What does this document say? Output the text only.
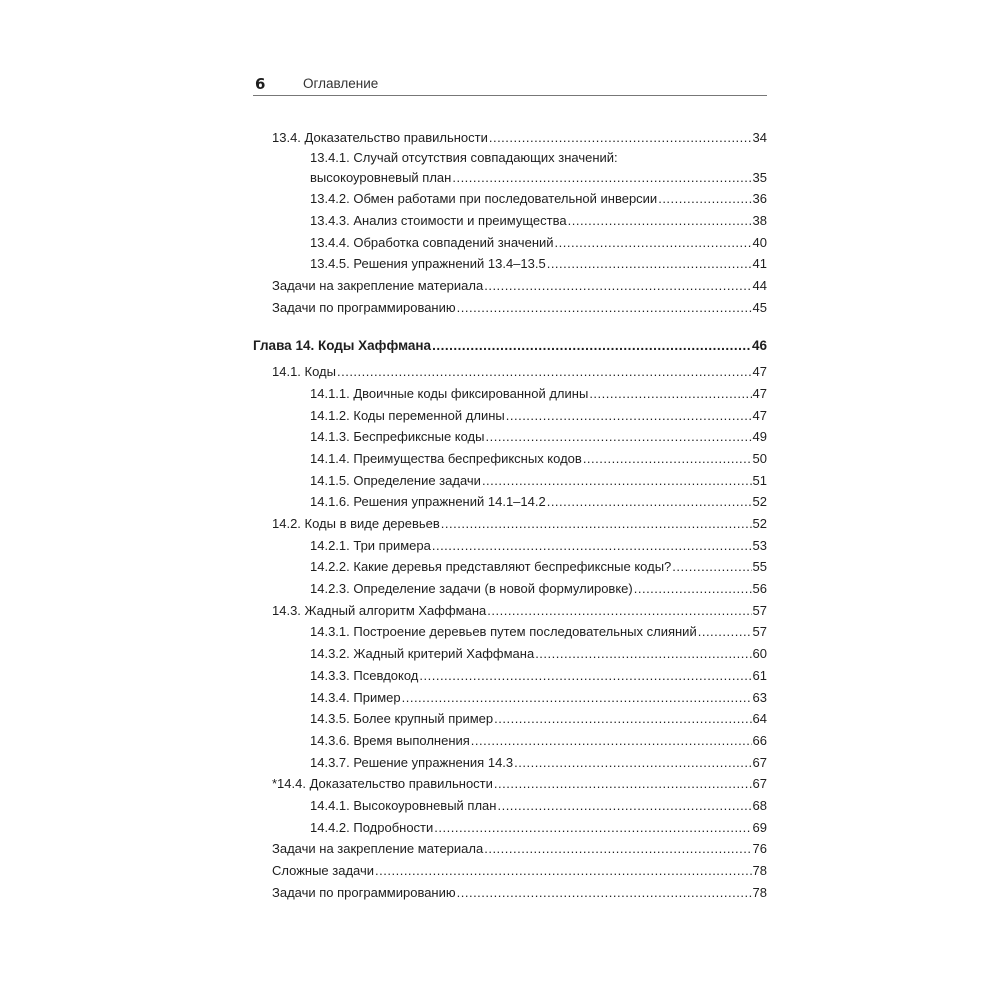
6	Оглавление
13.4. Доказательство правильности .....	34
13.4.1. Случай отсутствия совпадающих значений:
высокоуровневый план .....	35
13.4.2. Обмен работами при последовательной инверсии .....	36
13.4.3. Анализ стоимости и преимущества .....	38
13.4.4. Обработка совпадений значений .....	40
13.4.5. Решения упражнений 13.4–13.5 .....	41
Задачи на закрепление материала .....	44
Задачи по программированию .....	45
Глава 14. Коды Хаффмана .....	46
14.1. Коды .....	47
14.1.1. Двоичные коды фиксированной длины .....	47
14.1.2. Коды переменной длины .....	47
14.1.3. Беспрефиксные коды .....	49
14.1.4. Преимущества беспрефиксных кодов .....	50
14.1.5. Определение задачи .....	51
14.1.6. Решения упражнений 14.1–14.2 .....	52
14.2. Коды в виде деревьев .....	52
14.2.1. Три примера .....	53
14.2.2. Какие деревья представляют беспрефиксные коды? .....	55
14.2.3. Определение задачи (в новой формулировке) .....	56
14.3. Жадный алгоритм Хаффмана .....	57
14.3.1. Построение деревьев путем последовательных слияний .....	57
14.3.2. Жадный критерий Хаффмана .....	60
14.3.3. Псевдокод .....	61
14.3.4. Пример .....	63
14.3.5. Более крупный пример .....	64
14.3.6. Время выполнения .....	66
14.3.7. Решение упражнения 14.3 .....	67
*14.4. Доказательство правильности .....	67
14.4.1. Высокоуровневый план .....	68
14.4.2. Подробности .....	69
Задачи на закрепление материала .....	76
Сложные задачи .....	78
Задачи по программированию .....	78
